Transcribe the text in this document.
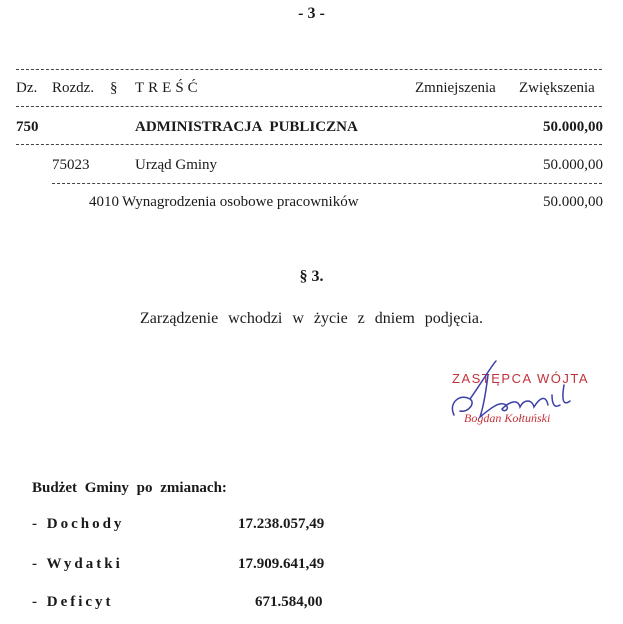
- 3 -
Dz. Rozdz. § TREŚĆ	Zmniejszenia Zwiększenia
750	ADMINISTRACJA PUBLICZNA	50.000,00
75023	Urząd Gminy	50.000,00
4010 Wynagrodzenia osobowe pracowników	50.000,00
§ 3.
Zarządzenie wchodzi w życie z dniem podjęcia.
ZASTĘPCA WÓJTA
Bogdan Kołtuński
Budżet Gminy po zmianach:
- Dochody	17.238.057,49
- Wydatki	17.909.641,49
- Deficyt	671.584,00
